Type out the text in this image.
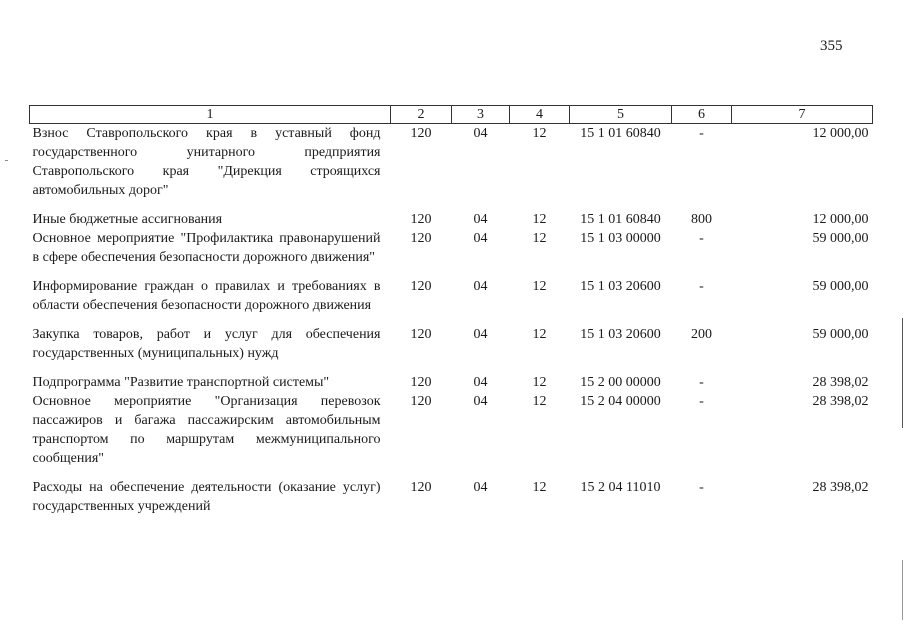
355
1	2	3	4	5	6	7
Взнос Ставропольского края в уставный фонд государственного унитарного предприятия Ставропольского края "Дирекция строящихся автомобильных дорог"	120	04	12	15 1 01 60840	-	12 000,00
Иные бюджетные ассигнования	120	04	12	15 1 01 60840	800	12 000,00
Основное мероприятие "Профилактика правонарушений в сфере обеспечения безопасности дорожного движения"	120	04	12	15 1 03 00000	-	59 000,00
Информирование граждан о правилах и требованиях в области обеспечения безопасности дорожного движения	120	04	12	15 1 03 20600	-	59 000,00
Закупка товаров, работ и услуг для обеспечения государственных (муниципальных) нужд	120	04	12	15 1 03 20600	200	59 000,00
Подпрограмма "Развитие транспортной системы"	120	04	12	15 2 00 00000	-	28 398,02
Основное мероприятие "Организация перевозок пассажиров и багажа пассажирским автомобильным транспортом по маршрутам межмуниципального сообщения"	120	04	12	15 2 04 00000	-	28 398,02
Расходы на обеспечение деятельности (оказание услуг) государственных учреждений	120	04	12	15 2 04 11010	-	28 398,02
